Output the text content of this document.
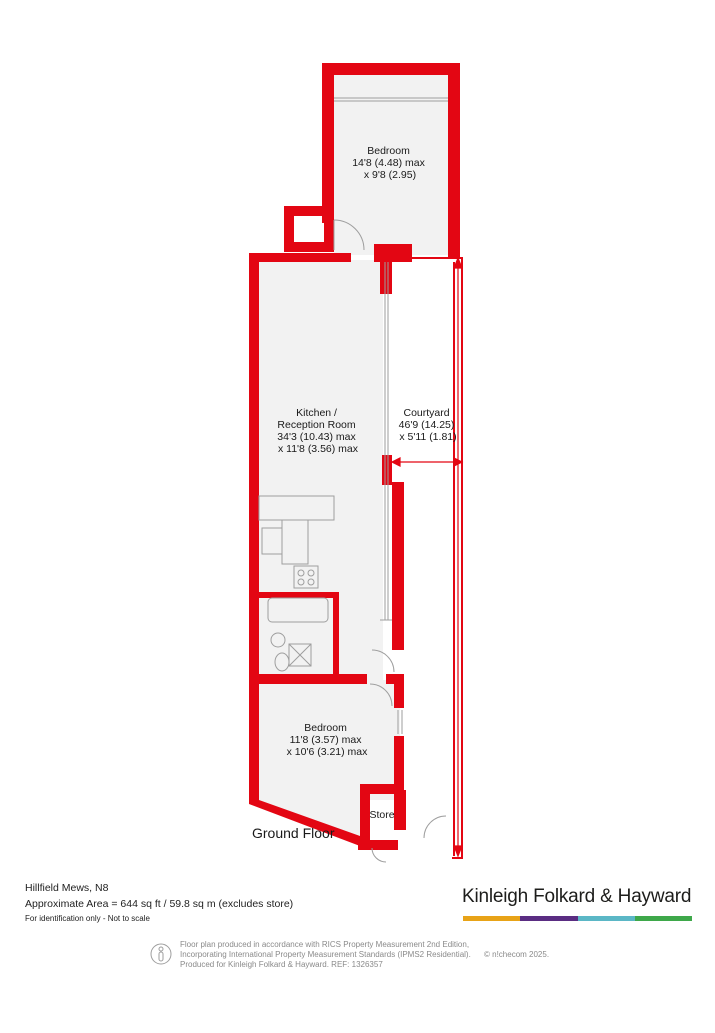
Bedroom 14'8 (4.48) max x 9'8 (2.95)
Kitchen / Reception Room 34'3 (10.43) max x 11'8 (3.56) max
Courtyard 46'9 (14.25) x 5'11 (1.81)
Bedroom 11'8 (3.57) max x 10'6 (3.21) max
Store
Ground Floor
Hillfield Mews, N8
Approximate Area = 644 sq ft / 59.8 sq m (excludes store)
For identification only - Not to scale
Kinleigh Folkard & Hayward
Floor plan produced in accordance with RICS Property Measurement 2nd Edition,
Incorporating International Property Measurement Standards (IPMS2 Residential).
Produced for Kinleigh Folkard & Hayward. REF: 1326357
© n!checom 2025.
